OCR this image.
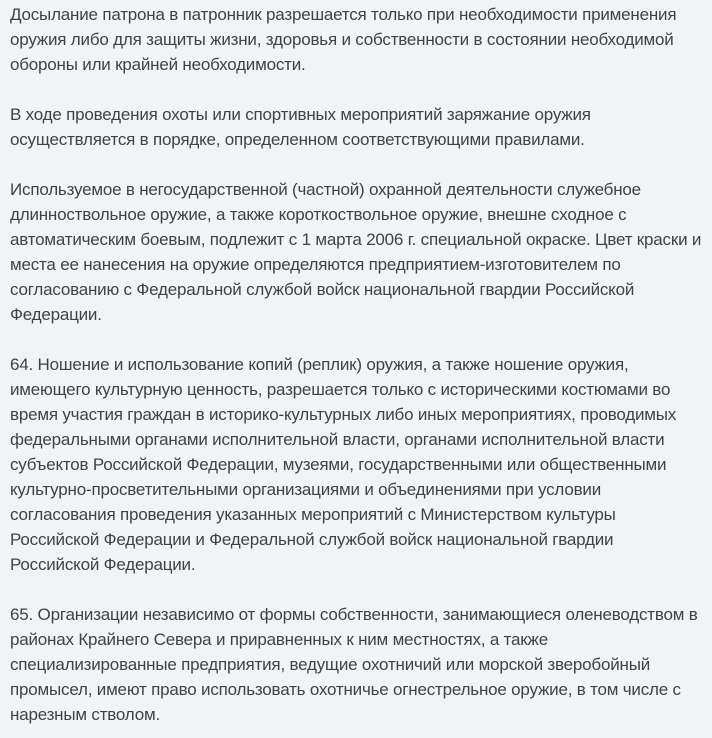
Досылание патрона в патронник разрешается только при необходимости применения оружия либо для защиты жизни, здоровья и собственности в состоянии необходимой обороны или крайней необходимости.

В ходе проведения охоты или спортивных мероприятий заряжание оружия осуществляется в порядке, определенном соответствующими правилами.

Используемое в негосударственной (частной) охранной деятельности служебное длинноствольное оружие, а также короткоствольное оружие, внешне сходное с автоматическим боевым, подлежит с 1 марта 2006 г. специальной окраске. Цвет краски и места ее нанесения на оружие определяются предприятием-изготовителем по согласованию с Федеральной службой войск национальной гвардии Российской Федерации.

64. Ношение и использование копий (реплик) оружия, а также ношение оружия, имеющего культурную ценность, разрешается только с историческими костюмами во время участия граждан в историко-культурных либо иных мероприятиях, проводимых федеральными органами исполнительной власти, органами исполнительной власти субъектов Российской Федерации, музеями, государственными или общественными культурно-просветительными организациями и объединениями при условии согласования проведения указанных мероприятий с Министерством культуры Российской Федерации и Федеральной службой войск национальной гвардии Российской Федерации.

65. Организации независимо от формы собственности, занимающиеся оленеводством в районах Крайнего Севера и приравненных к ним местностях, а также специализированные предприятия, ведущие охотничий или морской зверобойный промысел, имеют право использовать охотничье огнестрельное оружие, в том числе с нарезным стволом.
